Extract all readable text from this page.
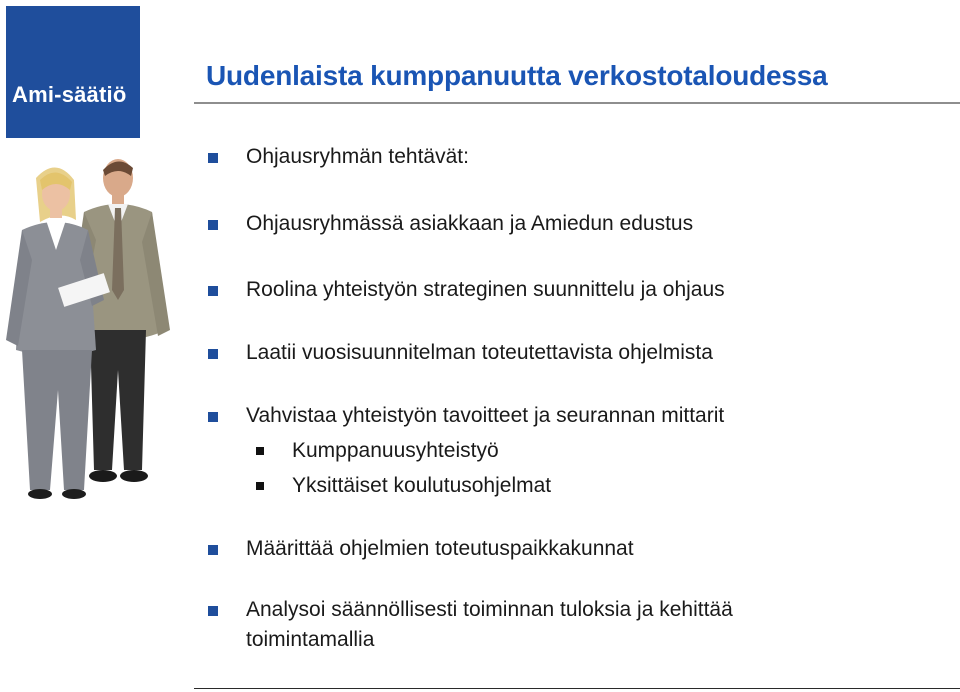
Ami-säätiö
Uudenlaista kumppanuutta verkostotaloudessa
Ohjausryhmän tehtävät:
Ohjausryhmässä asiakkaan ja Amiedun edustus
Roolina yhteistyön strateginen suunnittelu ja ohjaus
Laatii vuosisuunnitelman toteutettavista ohjelmista
Vahvistaa yhteistyön tavoitteet ja seurannan mittarit
Kumppanuusyhteistyö
Yksittäiset koulutusohjelmat
Määrittää ohjelmien toteutuspaikkakunnat
Analysoi säännöllisesti toiminnan tuloksia ja kehittää toimintamallia
